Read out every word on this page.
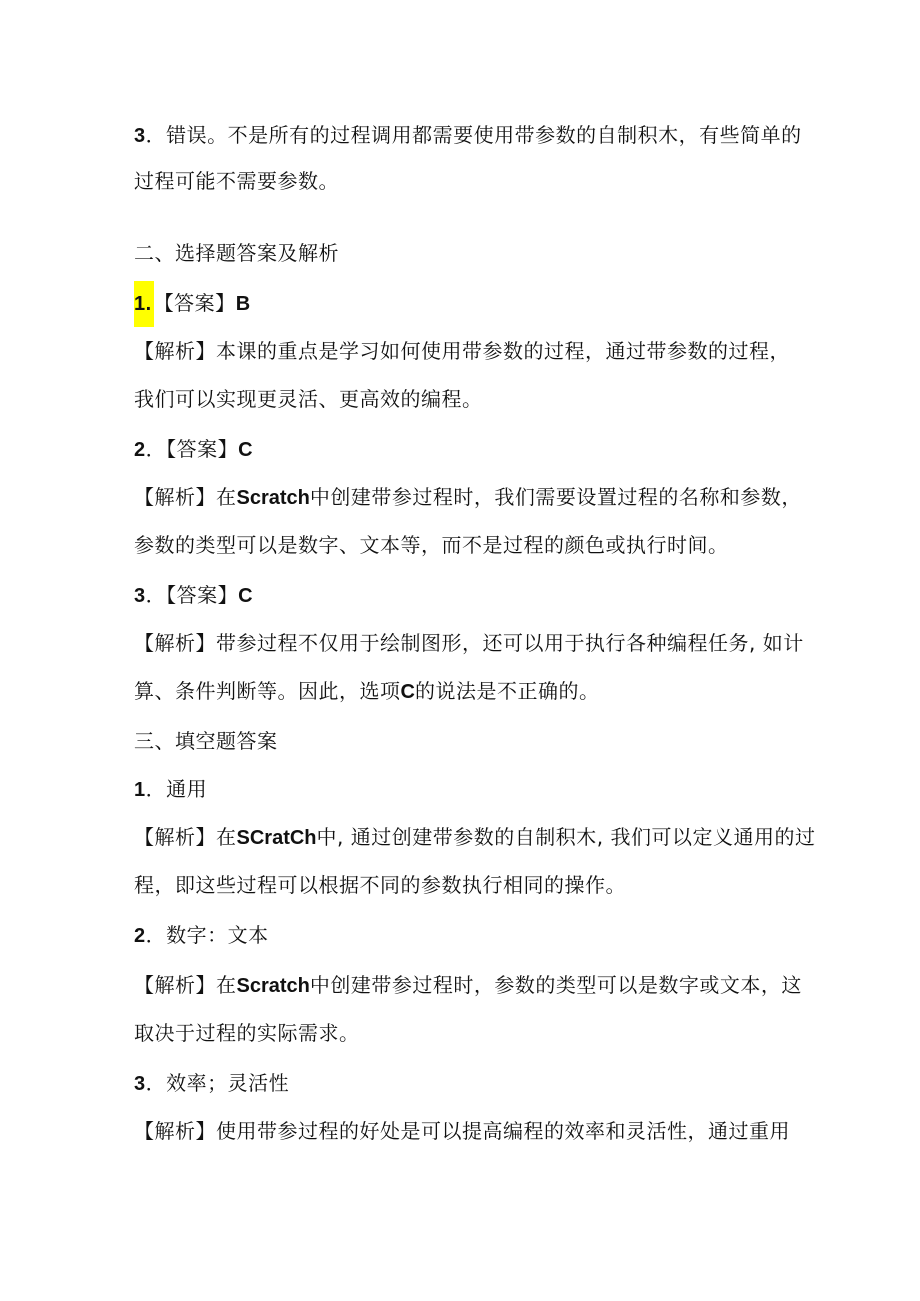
3．错误。不是所有的过程调用都需要使用带参数的自制积木，有些简单的
过程可能不需要参数。
二、选择题答案及解析
1. 【答案】B
【解析】本课的重点是学习如何使用带参数的过程，通过带参数的过程，
我们可以实现更灵活、更高效的编程。
2．【答案】C
【解析】在Scratch中创建带参过程时，我们需要设置过程的名称和参数，
参数的类型可以是数字、文本等，而不是过程的颜色或执行时间。
3．【答案】C
【解析】带参过程不仅用于绘制图形，还可以用于执行各种编程任务, 如计
算、条件判断等。因此，选项C的说法是不正确的。
三、填空题答案
1．通用
【解析】在SCratCh中, 通过创建带参数的自制积木, 我们可以定义通用的过
程，即这些过程可以根据不同的参数执行相同的操作。
2．数字：文本
【解析】在Scratch中创建带参过程时，参数的类型可以是数字或文本，这
取决于过程的实际需求。
3．效率；灵活性
【解析】使用带参过程的好处是可以提高编程的效率和灵活性，通过重用
